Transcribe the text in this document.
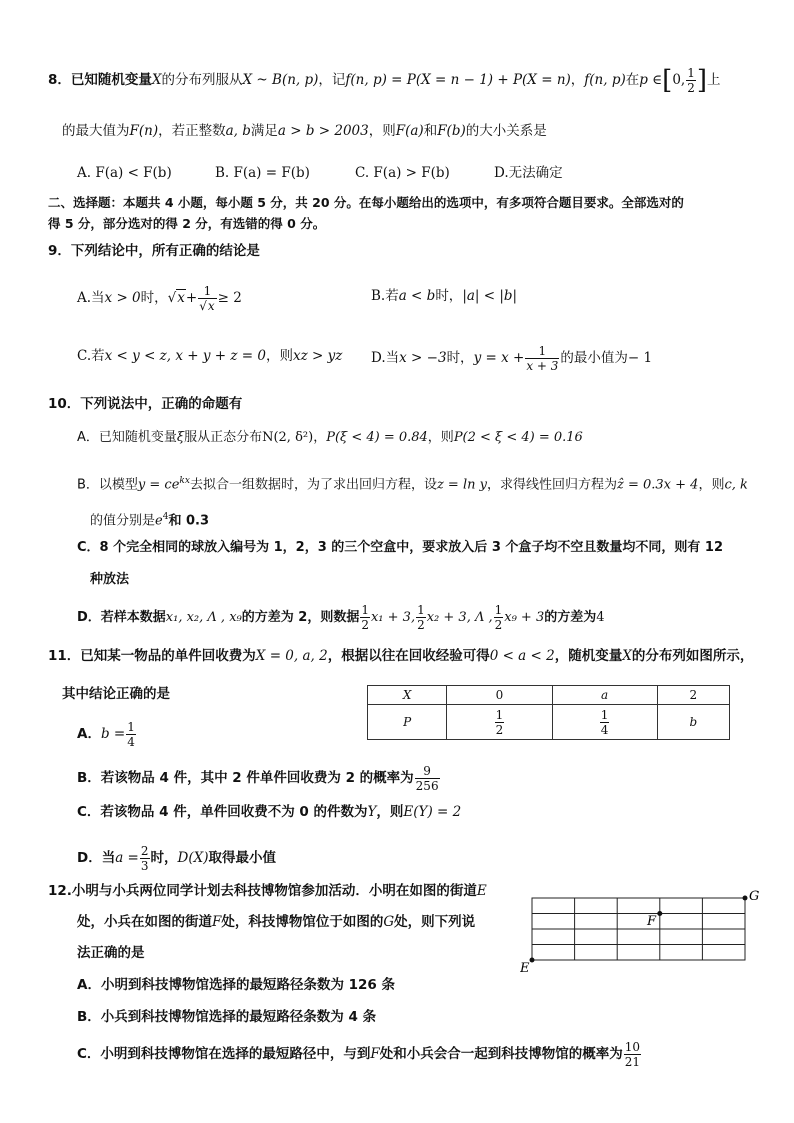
8．已知随机变量X的分布列服从X ~ B(n, p)，记f(n, p) = P(X = n − 1) + P(X = n)，f(n, p)在p ∈[0, $\frac{1}{2}$ ]上
的最大值为F(n)，若正整数a, b满足a > b > 2003，则F(a)和F(b)的大小关系是
A. F(a) < F(b)	B. F(a) = F(b)	C. F(a) > F(b)	D.无法确定
二、选择题：本题共 4 小题，每小题 5 分，共 20 分。在每小题给出的选项中，有多项符合题目要求。全部选对的
得 5 分，部分选对的得 2 分，有选错的得 0 分。
9．下列结论中，所有正确的结论是
A.当x > 0时，$√x+ \frac{1}{√x} \ge 2$	B.若a < b时，|a| < |b|
C.若x < y < z, x + y + z = 0，则xz > yz D.当x > −3时，$y = x + \frac{1}{x + 3}$ 的最小值为− 1
10．下列说法中，正确的命题有
A．已知随机变量ξ服从正态分布N(2, δ²)，P(ξ < 4) = 0.84，则P(2 < ξ < 4) = 0.16
B．以模型$y = ce^{kx}$去拟合一组数据时，为了求出回归方程，设z = ln y，求得线性回归方程为ẑ = 0.3x + 4，则c, k
的值分别是$e^4$和 0.3
C．8 个完全相同的球放入编号为 1，2，3 的三个空盒中，要求放入后 3 个盒子均不空且数量均不同，则有 12
种放法
D．若样本数据x₁, x₂, Λ , x₉的方差为 2，则数据 $\frac{1}{2} x_1 + 3$, $\frac{1}{2} x_2 + 3$, Λ , $\frac{1}{2} x_9 + 3$的方差为4
11．已知某一物品的单件回收费为X = 0, a, 2，根据以往在回收经验可得0 < a < 2，随机变量X的分布列如图所示，
其中结论正确的是	X	0	a	2
P	$\frac{1}{2}$	$\frac{1}{4}$	b
A．$b = \frac{1}{4}$
B．若该物品 4 件，其中 2 件单件回收费为 2 的概率为 $\frac{9}{256}$
C．若该物品 4 件，单件回收费不为 0 的件数为Y，则E(Y) = 2
D．当$a = \frac{2}{3}$ 时，D(X)取得最小值
12.小明与小兵两位同学计划去科技博物馆参加活动．小明在如图的街道E
处，小兵在如图的街道F处，科技博物馆位于如图的G处，则下列说
法正确的是
A．小明到科技博物馆选择的最短路径条数为 126 条
B．小兵到科技博物馆选择的最短路径条数为 4 条
C．小明到科技博物馆在选择的最短路径中，与到F处和小兵会合一起到科技博物馆的概率为 $\frac{10}{21}$
E
F
G
